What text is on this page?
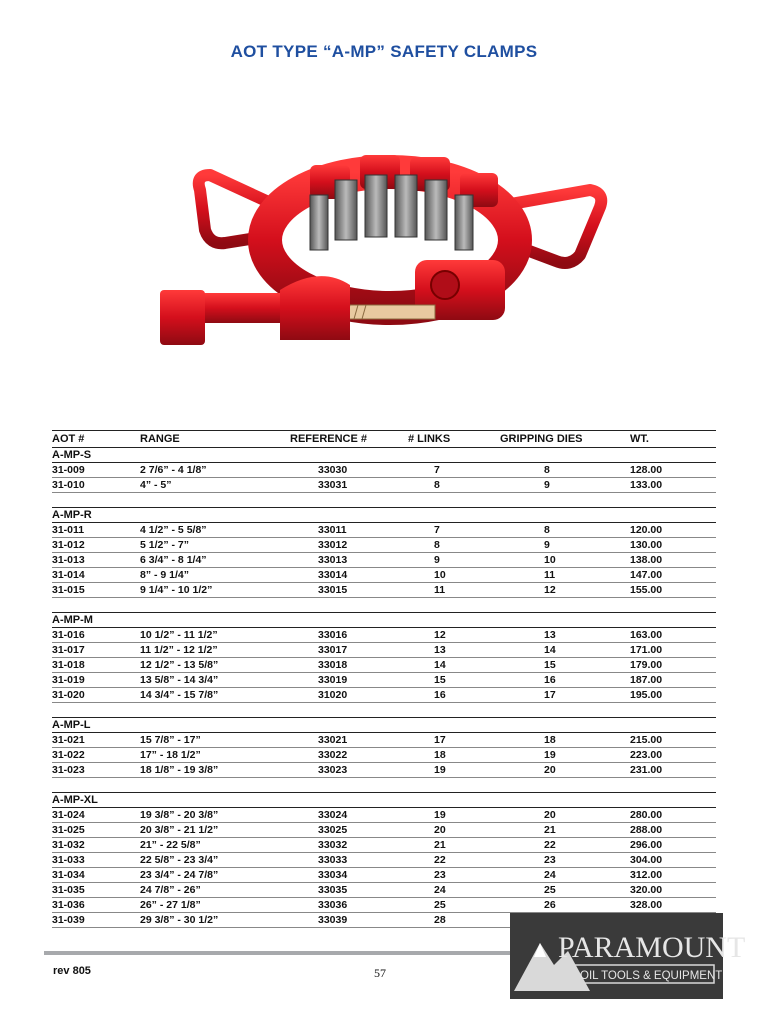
AOT TYPE “A-MP” SAFETY CLAMPS
AOT #	RANGE	REFERENCE #	# LINKS	GRIPPING DIES	WT.
A-MP-S					
31-009	2 7/6” - 4 1/8”	33030	7	8	128.00
31-010	4” - 5”	33031	8	9	133.00

A-MP-R					
31-011	4 1/2” - 5 5/8”	33011	7	8	120.00
31-012	5 1/2” - 7”	33012	8	9	130.00
31-013	6 3/4” - 8 1/4”	33013	9	10	138.00
31-014	8” - 9 1/4”	33014	10	11	147.00
31-015	9 1/4” - 10 1/2”	33015	11	12	155.00

A-MP-M					
31-016	10 1/2” - 11 1/2”	33016	12	13	163.00
31-017	11 1/2” - 12 1/2”	33017	13	14	171.00
31-018	12 1/2” - 13 5/8”	33018	14	15	179.00
31-019	13 5/8” - 14 3/4”	33019	15	16	187.00
31-020	14 3/4” - 15 7/8”	31020	16	17	195.00

A-MP-L					
31-021	15 7/8” - 17”	33021	17	18	215.00
31-022	17” - 18 1/2”	33022	18	19	223.00
31-023	18 1/8” - 19 3/8”	33023	19	20	231.00

A-MP-XL					
31-024	19 3/8” - 20 3/8”	33024	19	20	280.00
31-025	20 3/8” - 21 1/2”	33025	20	21	288.00
31-032	21” - 22 5/8”	33032	21	22	296.00
31-033	22 5/8” - 23 3/4”	33033	22	23	304.00
31-034	23 3/4” - 24 7/8”	33034	23	24	312.00
31-035	24 7/8” - 26”	33035	24	25	320.00
31-036	26” - 27 1/8”	33036	25	26	328.00
31-039	29 3/8” - 30 1/2”	33039	28		
rev 805	57
PARAMOUNT
OIL TOOLS & EQUIPMENT
